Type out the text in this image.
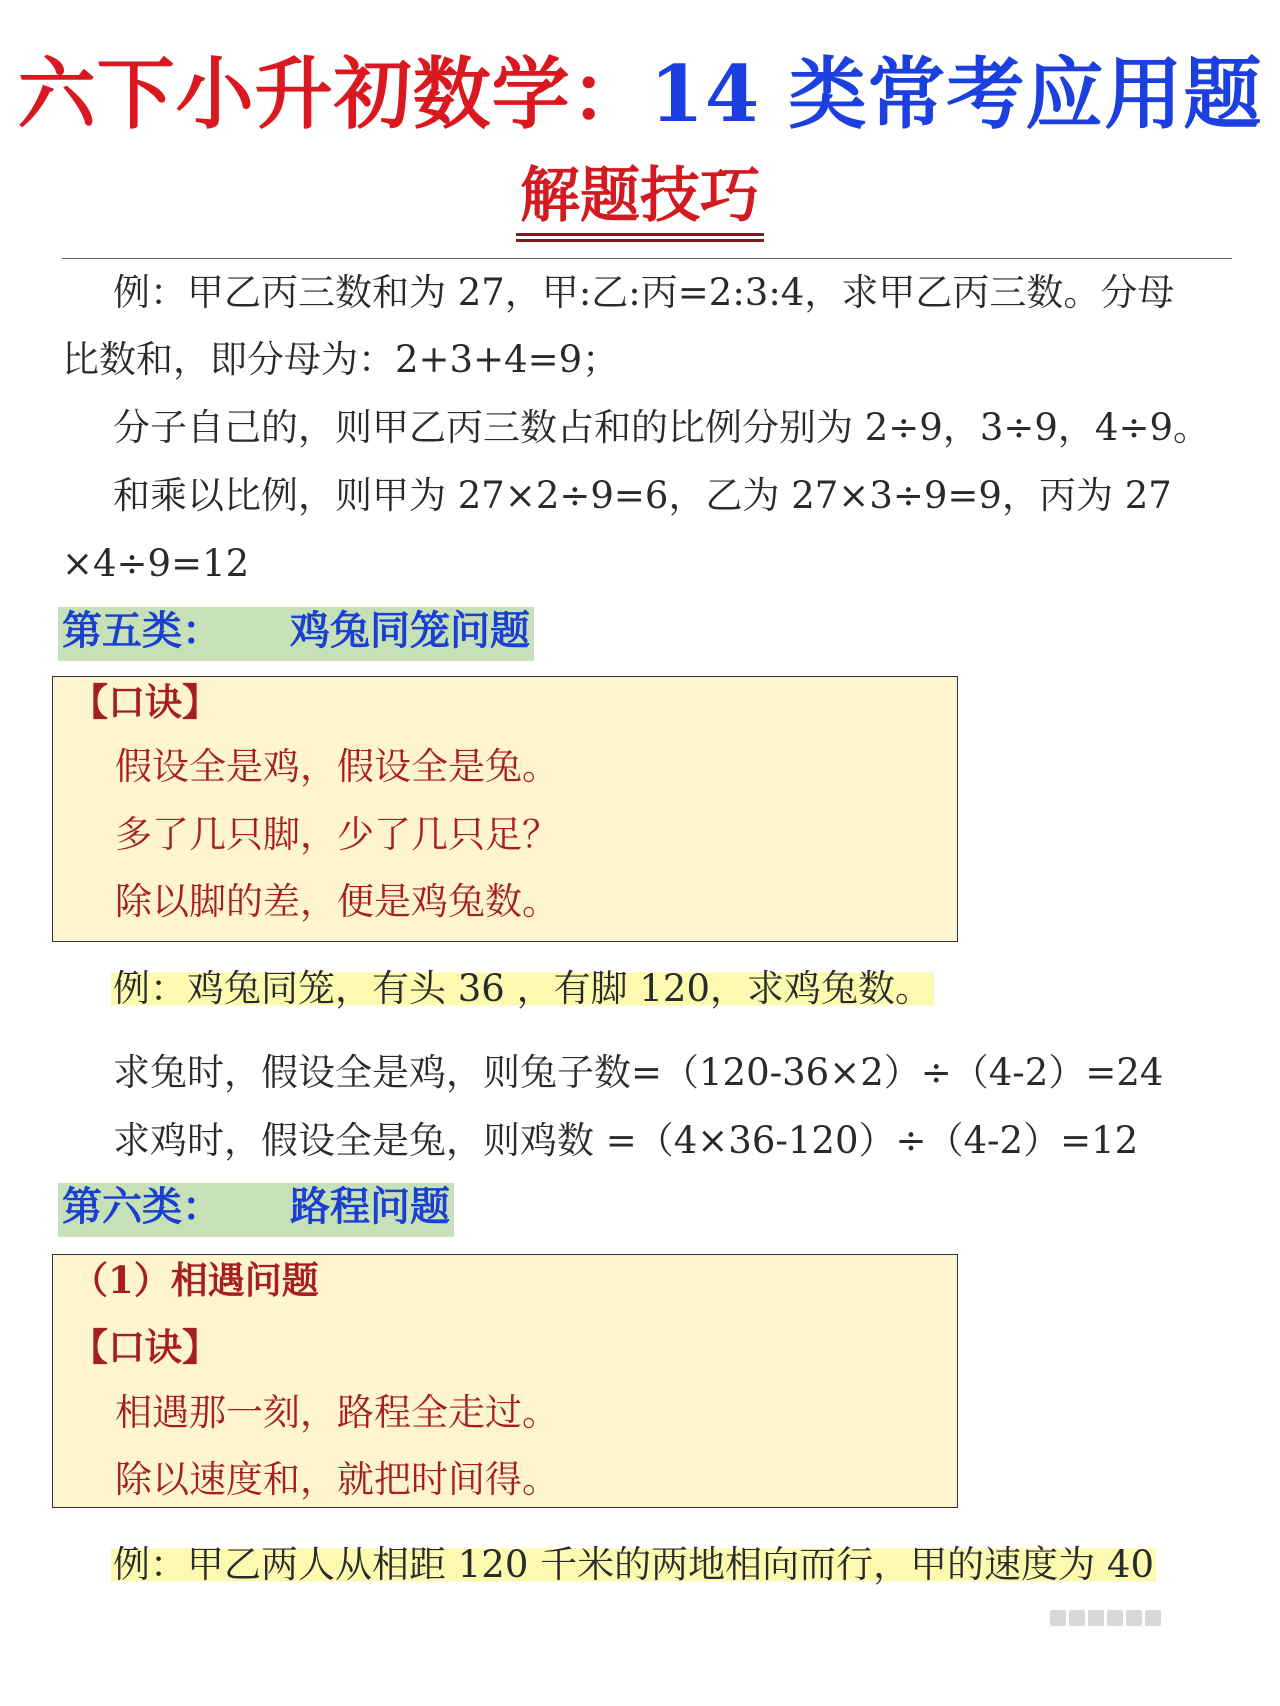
六下小升初数学：14 类常考应用题
解题技巧
例：甲乙丙三数和为 27，甲:乙:丙=2:3:4，求甲乙丙三数。分母
比数和，即分母为：2+3+4=9；
分子自己的，则甲乙丙三数占和的比例分别为 2÷9，3÷9，4÷9。
和乘以比例，则甲为 27×2÷9=6，乙为 27×3÷9=9，丙为 27
×4÷9=12
第五类： 鸡兔同笼问题
【口诀】
假设全是鸡，假设全是兔。
多了几只脚，少了几只足？
除以脚的差，便是鸡兔数。
例：鸡兔同笼，有头 36 ，有脚 120，求鸡兔数。
求兔时，假设全是鸡，则兔子数=（120-36×2）÷（4-2）=24
求鸡时，假设全是兔，则鸡数 =（4×36-120）÷（4-2）=12
第六类： 路程问题
（1）相遇问题
【口诀】
相遇那一刻，路程全走过。
除以速度和，就把时间得。
例：甲乙两人从相距 120 千米的两地相向而行，甲的速度为 40
